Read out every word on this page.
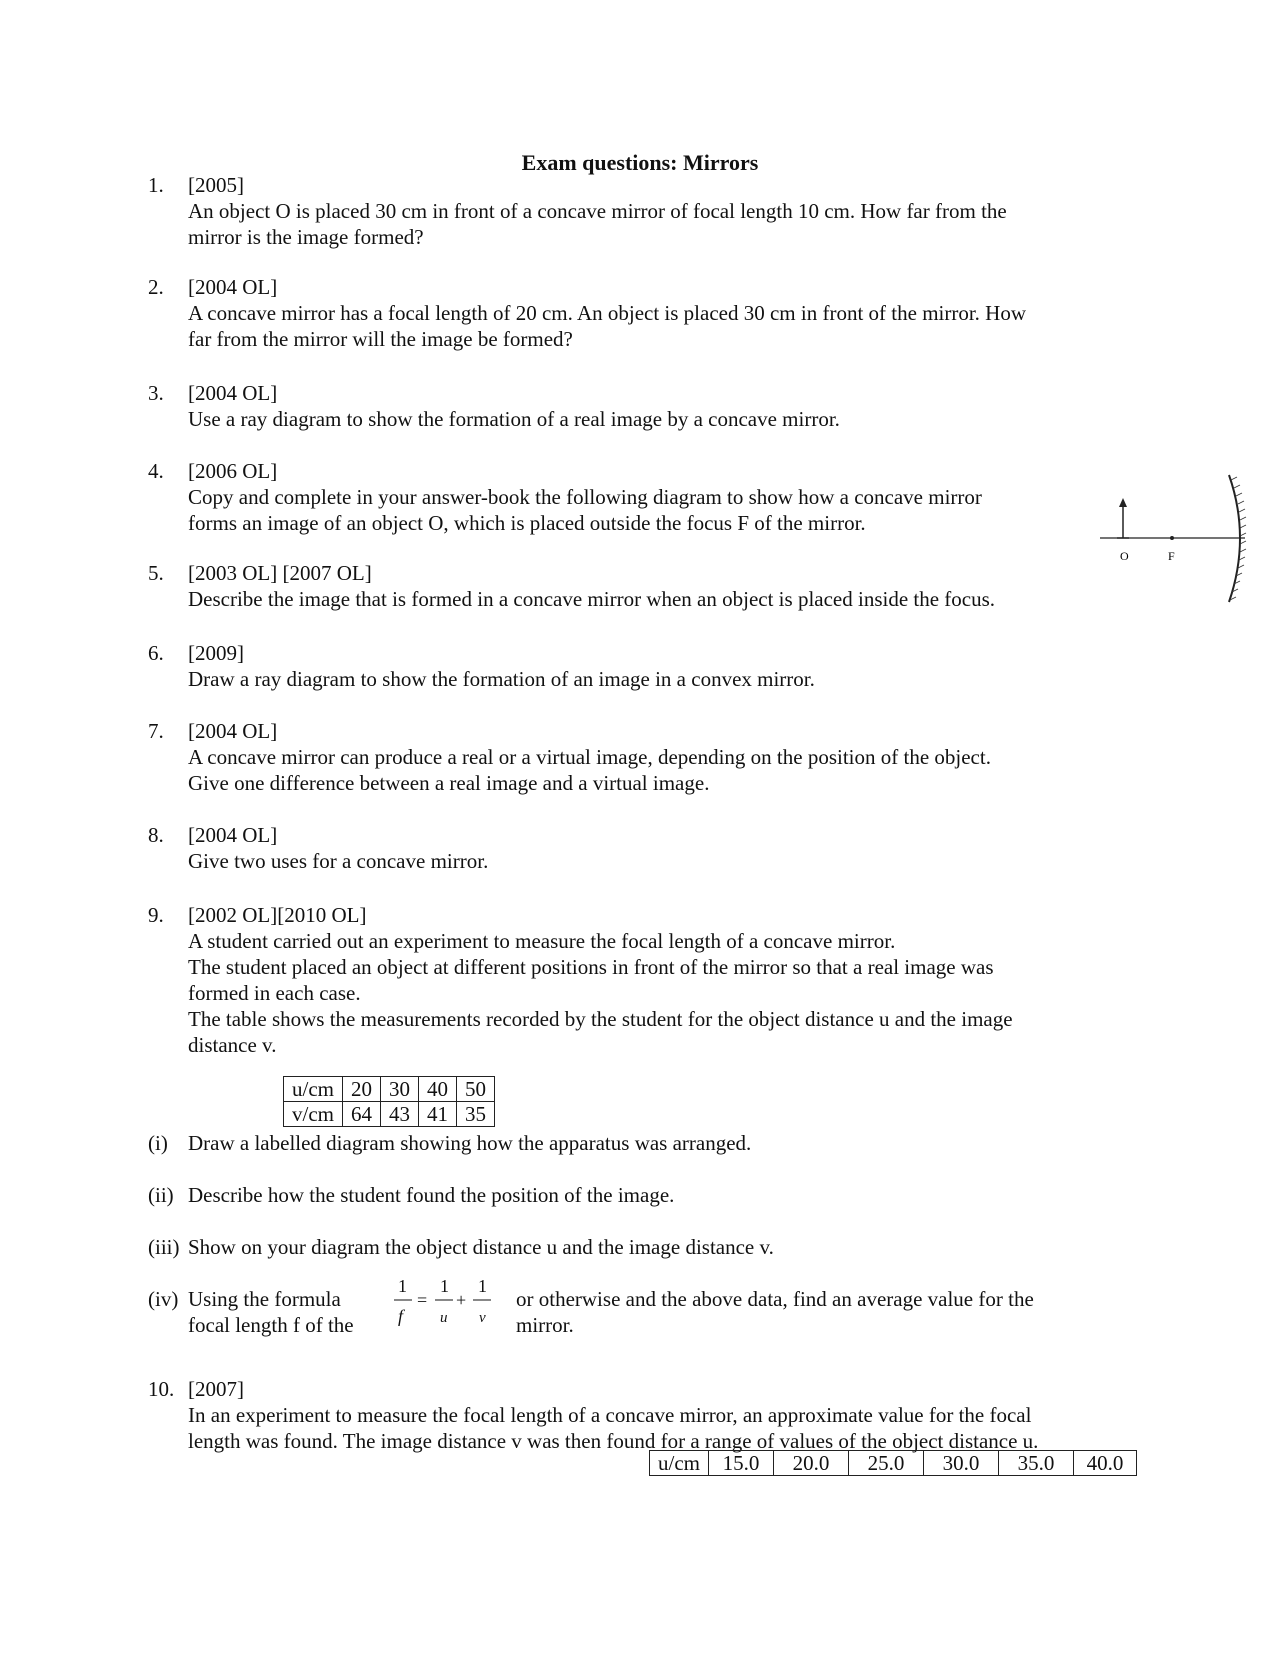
Exam questions: Mirrors
1.	[2005]
An object O is placed 30 cm in front of a concave mirror of focal length 10 cm. How far from the
mirror is the image formed?
2.	[2004 OL]
A concave mirror has a focal length of 20 cm. An object is placed 30 cm in front of the mirror. How
far from the mirror will the image be formed?
3.	[2004 OL]
Use a ray diagram to show the formation of a real image by a concave mirror.
4.	[2006 OL]
Copy and complete in your answer-book the following diagram to show how a concave mirror
forms an image of an object O, which is placed outside the focus F of the mirror.
O	F
5.	[2003 OL] [2007 OL]
Describe the image that is formed in a concave mirror when an object is placed inside the focus.
6.	[2009]
Draw a ray diagram to show the formation of an image in a convex mirror.
7.	[2004 OL]
A concave mirror can produce a real or a virtual image, depending on the position of the object.
Give one difference between a real image and a virtual image.
8.	[2004 OL]
Give two uses for a concave mirror.
9.	[2002 OL][2010 OL]
A student carried out an experiment to measure the focal length of a concave mirror.
The student placed an object at different positions in front of the mirror so that a real image was
formed in each case.
The table shows the measurements recorded by the student for the object distance u and the image
distance v.
u/cm	20	30	40	50
v/cm	64	43	41	35
(i) Draw a labelled diagram showing how the apparatus was arranged.
(ii) Describe how the student found the position of the image.
(iii) Show on your diagram the object distance u and the image distance v.
(iv) Using the formula
focal length f of the
1
f
=
1
u
+
1
v
or otherwise and the above data, find an average value for the
mirror.
10. [2007]
In an experiment to measure the focal length of a concave mirror, an approximate value for the focal
length was found. The image distance v was then found for a range of values of the object distance u.
u/cm	15.0	20.0	25.0	30.0	35.0	40.0
